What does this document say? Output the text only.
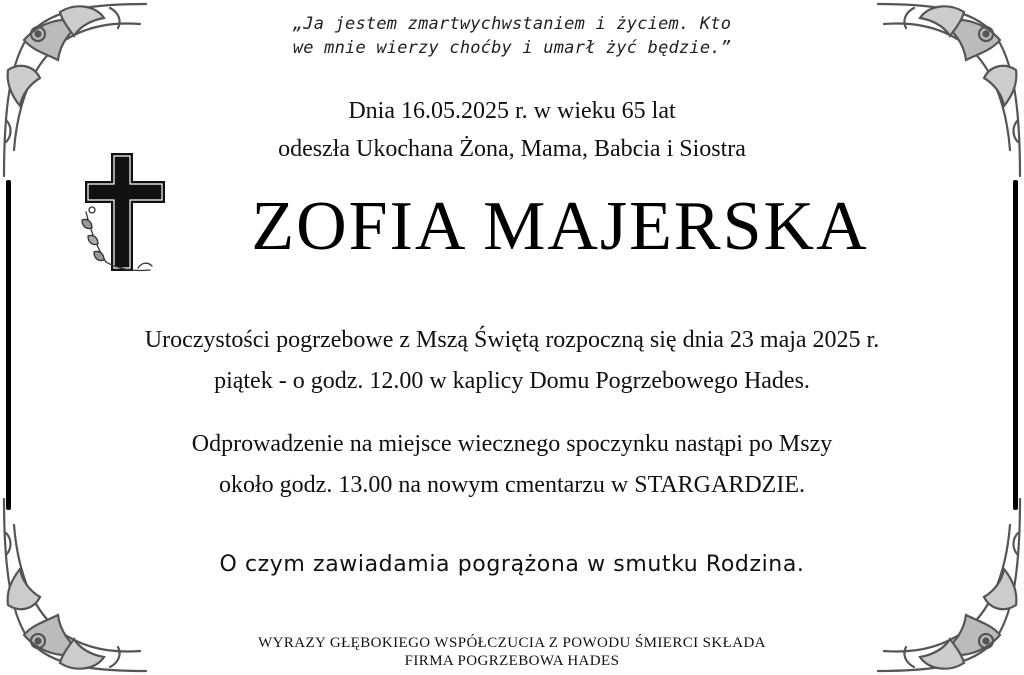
„Ja jestem zmartwychwstaniem i życiem. Kto
we mnie wierzy choćby i umarł żyć będzie.”
Dnia 16.05.2025 r. w wieku 65 lat
odeszła Ukochana Żona, Mama, Babcia i Siostra
ZOFIA MAJERSKA
Uroczystości pogrzebowe z Mszą Świętą rozpoczną się dnia 23 maja 2025 r.
piątek - o godz. 12.00 w kaplicy Domu Pogrzebowego Hades.
Odprowadzenie na miejsce wiecznego spoczynku nastąpi po Mszy
około godz. 13.00 na nowym cmentarzu w STARGARDZIE.
O czym zawiadamia pogrążona w smutku Rodzina.
WYRAZY GŁĘBOKIEGO WSPÓŁCZUCIA Z POWODU ŚMIERCI SKŁADA
FIRMA POGRZEBOWA HADES
